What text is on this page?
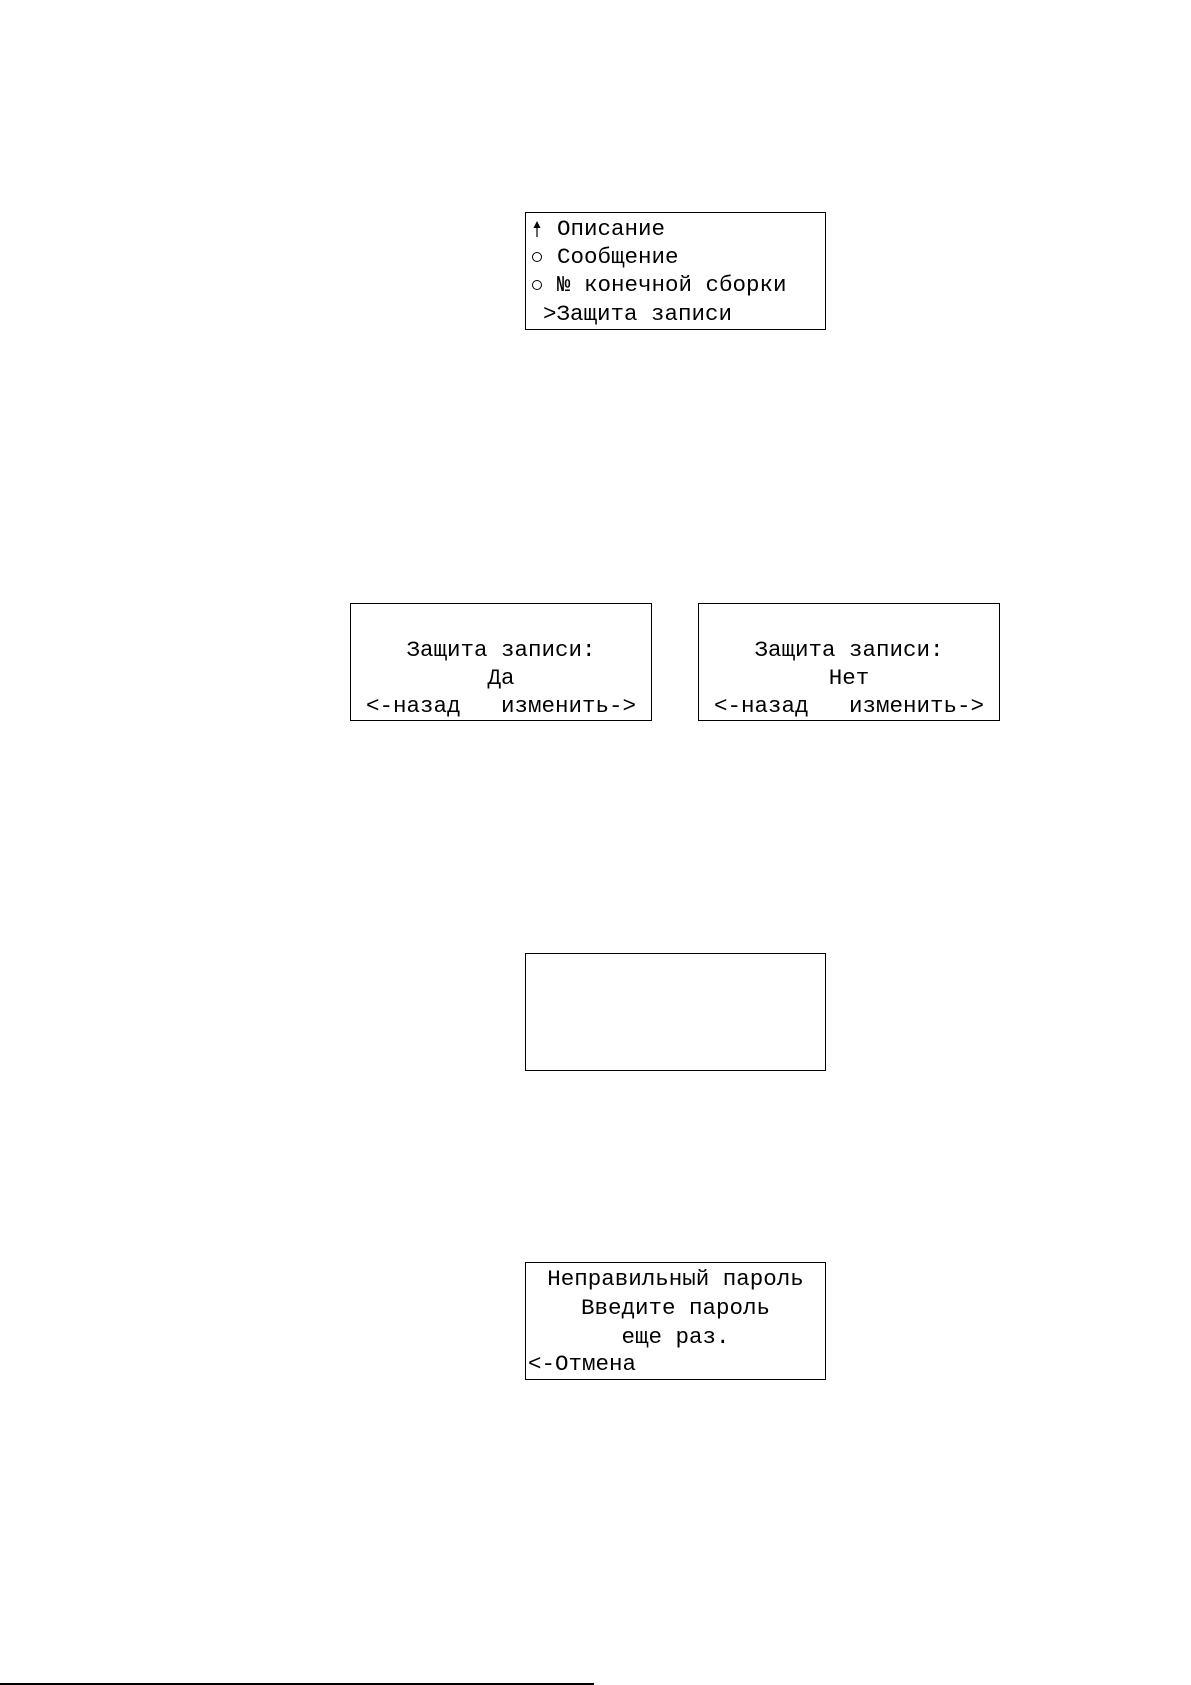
Описание

Сообщение

№ конечной сборки

>Защита записи

Защита записи:
Да
<-назад   изменить->
Защита записи:
Нет
<-назад   изменить->
Неправильный пароль
Введите пароль
еще раз.
<-Отмена
